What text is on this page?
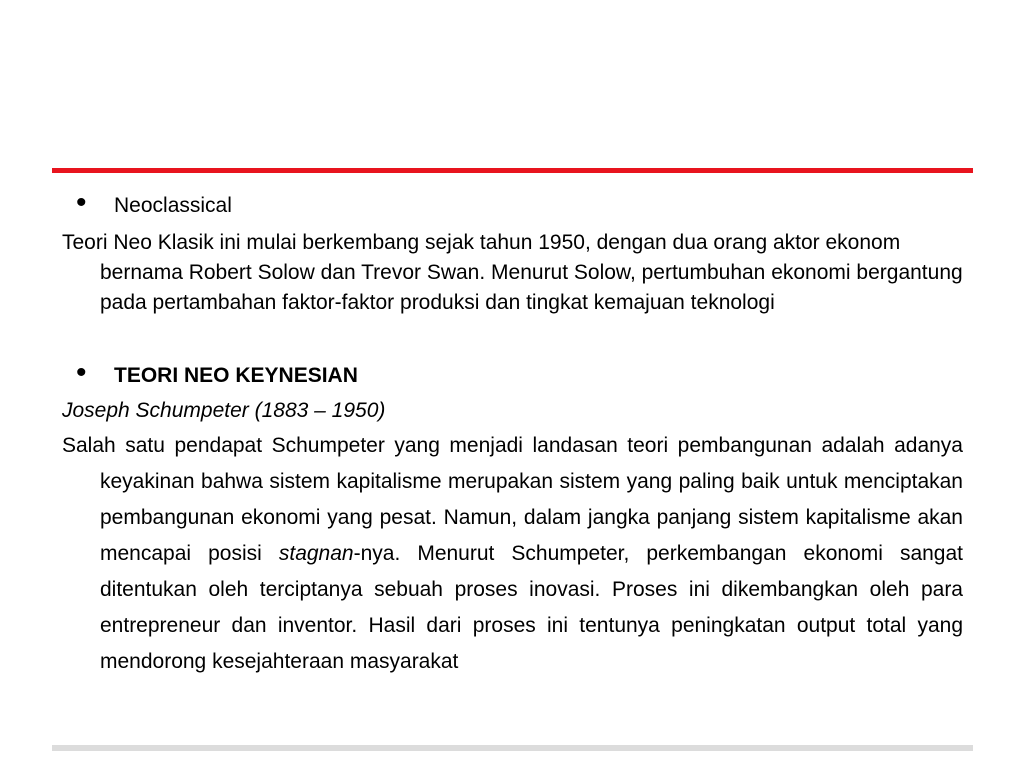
• Neoclassical
Teori Neo Klasik ini mulai berkembang sejak tahun 1950, dengan dua orang aktor ekonom bernama Robert Solow dan Trevor Swan. Menurut Solow, pertumbuhan ekonomi bergantung pada pertambahan faktor-faktor produksi dan tingkat kemajuan teknologi
• TEORI NEO KEYNESIAN
Joseph Schumpeter (1883 – 1950)
Salah satu pendapat Schumpeter yang menjadi landasan teori pembangunan adalah adanya keyakinan bahwa sistem kapitalisme merupakan sistem yang paling baik untuk menciptakan pembangunan ekonomi yang pesat. Namun, dalam jangka panjang sistem kapitalisme akan mencapai posisi stagnan-nya. Menurut Schumpeter, perkembangan ekonomi sangat ditentukan oleh terciptanya sebuah proses inovasi. Proses ini dikembangkan oleh para entrepreneur dan inventor. Hasil dari proses ini tentunya peningkatan output total yang mendorong kesejahteraan masyarakat
